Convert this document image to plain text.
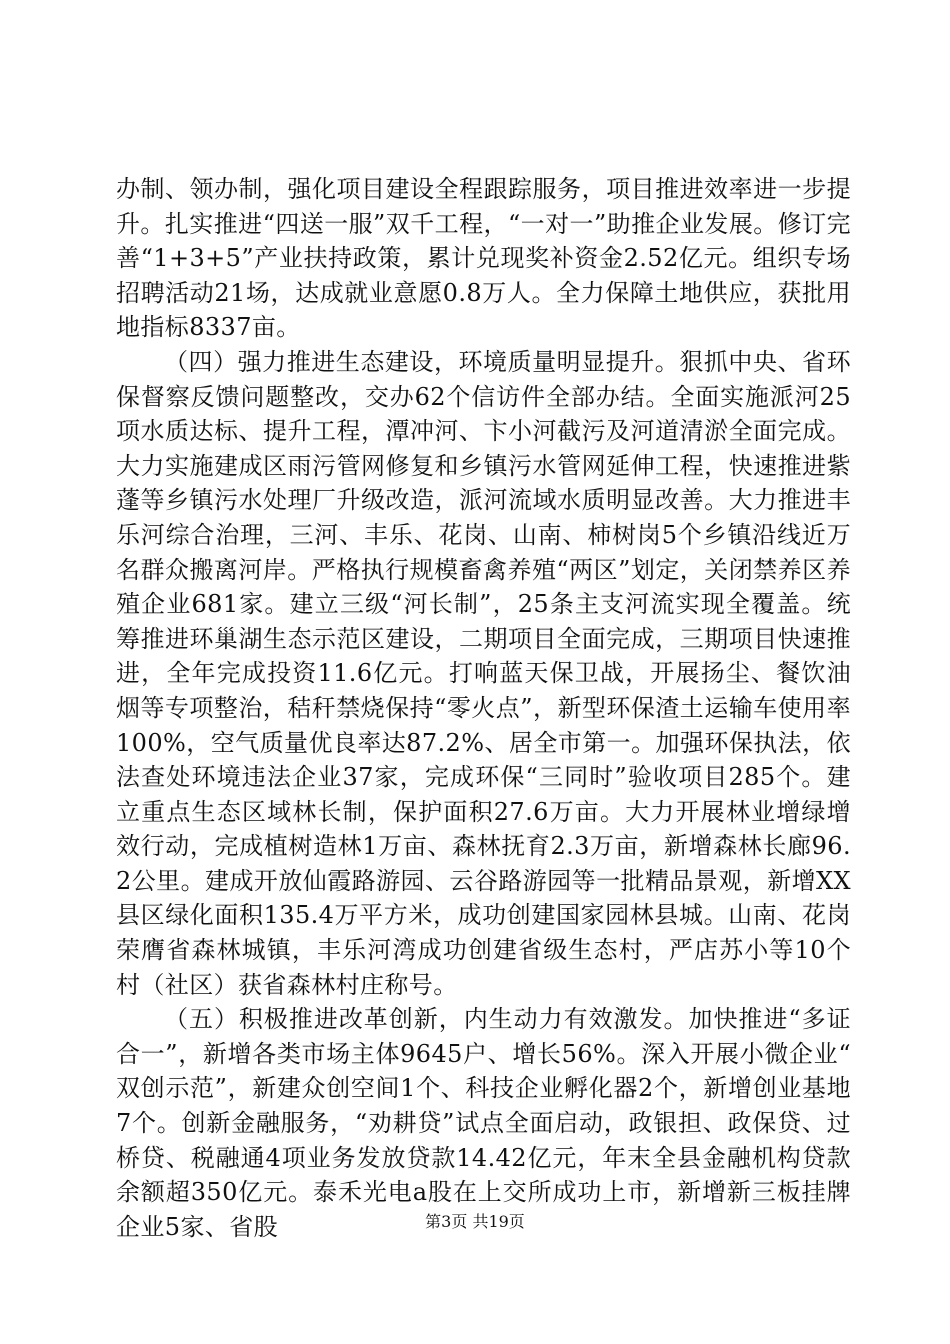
办制、领办制，强化项目建设全程跟踪服务，项目推进效率进一步提升。扎实推进“四送一服”双千工程，“一对一”助推企业发展。修订完善“1+3+5”产业扶持政策，累计兑现奖补资金2.52亿元。组织专场招聘活动21场，达成就业意愿0.8万人。全力保障土地供应，获批用地指标8337亩。

（四）强力推进生态建设，环境质量明显提升。狠抓中央、省环保督察反馈问题整改，交办62个信访件全部办结。全面实施派河25项水质达标、提升工程，潭冲河、卞小河截污及河道清淤全面完成。大力实施建成区雨污管网修复和乡镇污水管网延伸工程，快速推进紫蓬等乡镇污水处理厂升级改造，派河流域水质明显改善。大力推进丰乐河综合治理，三河、丰乐、花岗、山南、柿树岗5个乡镇沿线近万名群众搬离河岸。严格执行规模畜禽养殖“两区”划定，关闭禁养区养殖企业681家。建立三级“河长制”，25条主支河流实现全覆盖。统筹推进环巢湖生态示范区建设，二期项目全面完成，三期项目快速推进，全年完成投资11.6亿元。打响蓝天保卫战，开展扬尘、餐饮油烟等专项整治，秸秆禁烧保持“零火点”，新型环保渣土运输车使用率100%，空气质量优良率达87.2%、居全市第一。加强环保执法，依法查处环境违法企业37家，完成环保“三同时”验收项目285个。建立重点生态区域林长制，保护面积27.6万亩。大力开展林业增绿增效行动，完成植树造林1万亩、森林抚育2.3万亩，新增森林长廊96.2公里。建成开放仙霞路游园、云谷路游园等一批精品景观，新增XX县区绿化面积135.4万平方米，成功创建国家园林县城。山南、花岗荣膺省森林城镇，丰乐河湾成功创建省级生态村，严店苏小等10个村（社区）获省森林村庄称号。

（五）积极推进改革创新，内生动力有效激发。加快推进“多证合一”，新增各类市场主体9645户、增长56%。深入开展小微企业“双创示范”，新建众创空间1个、科技企业孵化器2个，新增创业基地7个。创新金融服务，“劝耕贷”试点全面启动，政银担、政保贷、过桥贷、税融通4项业务发放贷款14.42亿元，年末全县金融机构贷款余额超350亿元。泰禾光电a股在上交所成功上市，新增新三板挂牌企业5家、省股	第3页 共19页
